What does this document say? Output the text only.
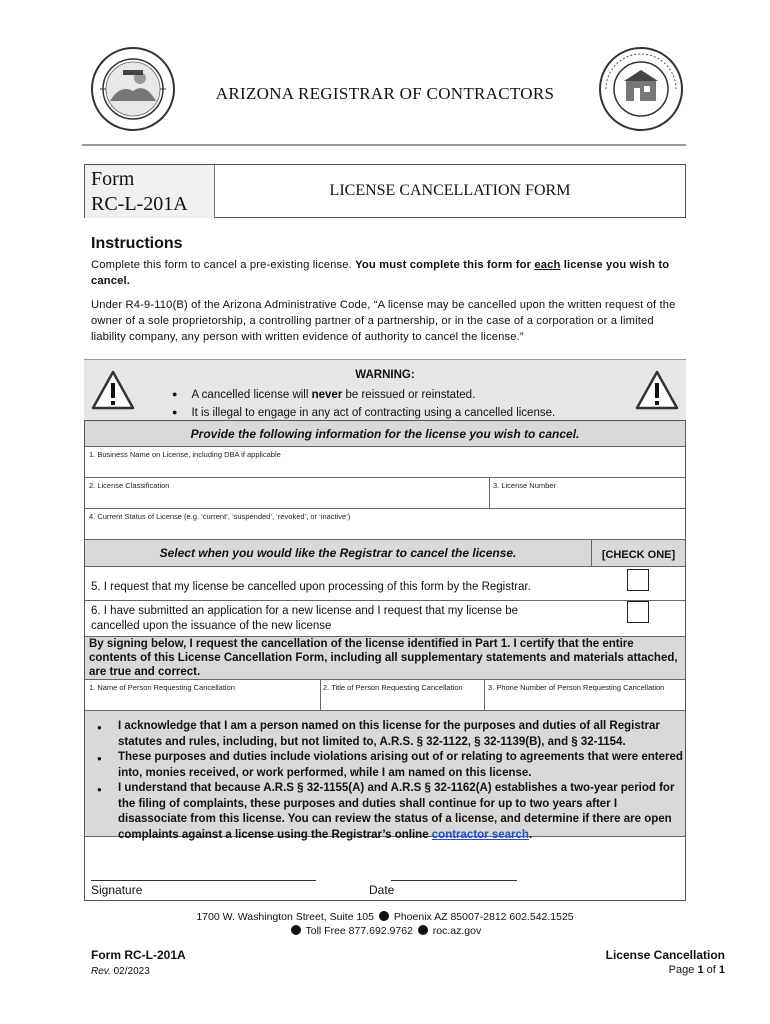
ARIZONA REGISTRAR OF CONTRACTORS
Form
RC-L-201A
LICENSE CANCELLATION FORM
Instructions
Complete this form to cancel a pre-existing license. You must complete this form for each license you wish to cancel.
Under R4-9-110(B) of the Arizona Administrative Code, “A license may be cancelled upon the written request of the owner of a sole proprietorship, a controlling partner of a partnership, or in the case of a corporation or a limited liability company, any person with written evidence of authority to cancel the license.”
WARNING:
● A cancelled license will never be reissued or reinstated.
● It is illegal to engage in any act of contracting using a cancelled license.
Provide the following information for the license you wish to cancel.
1. Business Name on License, including DBA if applicable
2. License Classification	3. License Number
4. Current Status of License (e.g. ‘current’, ‘suspended’, ‘revoked’, or ‘inactive’)
Select when you would like the Registrar to cancel the license.	[CHECK ONE]
5. I request that my license be cancelled upon processing of this form by the Registrar.
6. I have submitted an application for a new license and I request that my license be
cancelled upon the issuance of the new license
By signing below, I request the cancellation of the license identified in Part 1. I certify that the entire contents of this License Cancellation Form, including all supplementary statements and materials attached, are true and correct.
1. Name of Person Requesting Cancellation	2. Title of Person Requesting Cancellation	3. Phone Number of Person Requesting Cancellation
● I acknowledge that I am a person named on this license for the purposes and duties of all Registrar statutes and rules, including, but not limited to, A.R.S. § 32-1122, § 32-1139(B), and § 32-1154.
● These purposes and duties include violations arising out of or relating to agreements that were entered into, monies received, or work performed, while I am named on this license.
● I understand that because A.R.S § 32-1155(A) and A.R.S § 32-1162(A) establishes a two-year period for the filing of complaints, these purposes and duties shall continue for up to two years after I disassociate from this license. You can review the status of a license, and determine if there are open complaints against a license using the Registrar’s online contractor search.
Signature	Date
1700 W. Washington Street, Suite 105 Phoenix AZ 85007-2812 602.542.1525
Toll Free 877.692.9762 roc.az.gov
Form RC-L-201A
Rev. 02/2023
License Cancellation
Page 1 of 1
